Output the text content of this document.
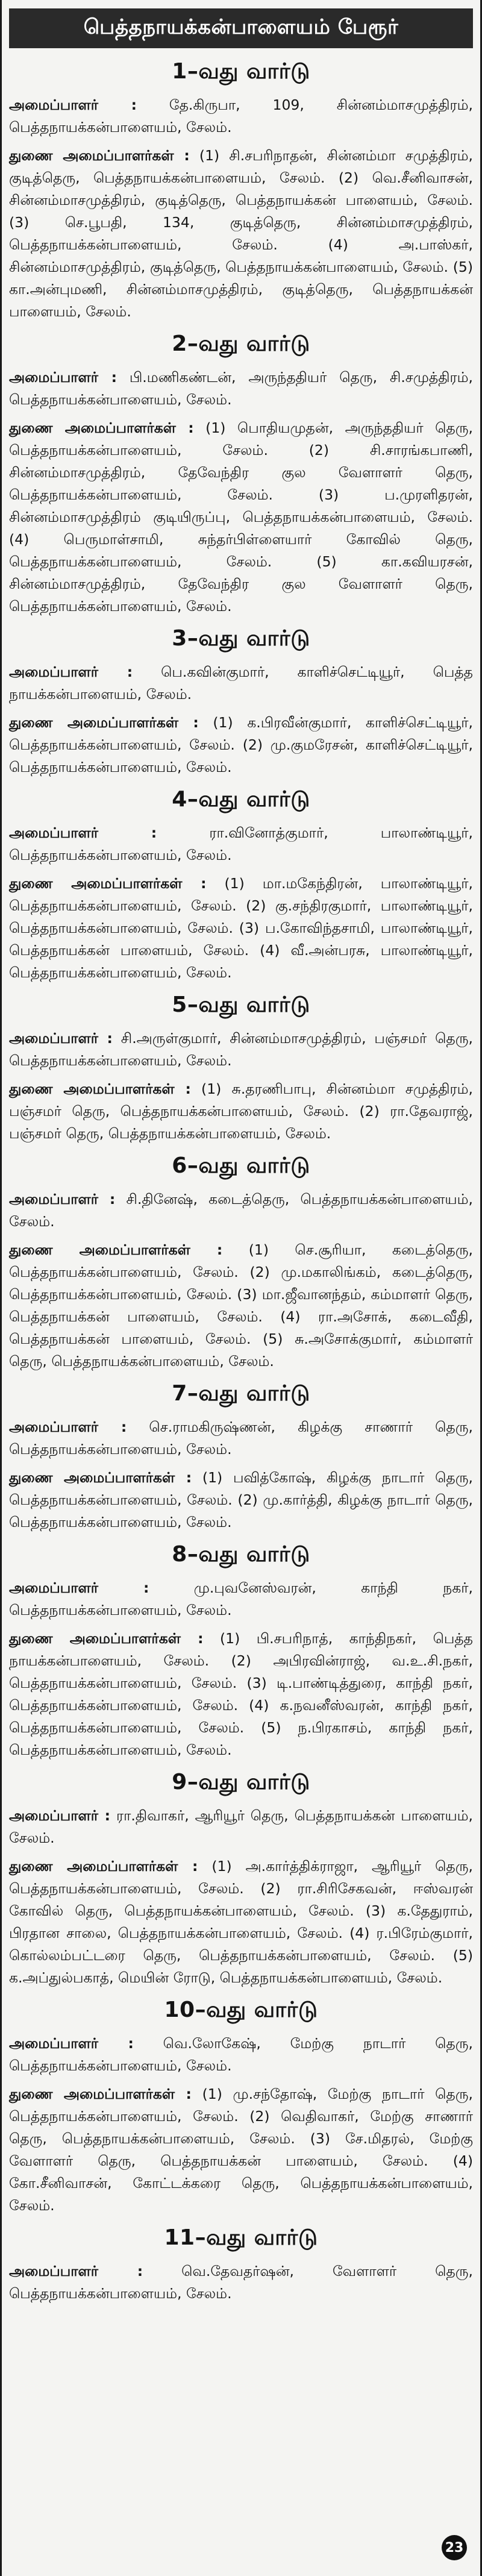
பெத்தநாயக்கன்பாளையம் பேரூர்
1–வது வார்டு

அமைப்பாளர் : தே.கிருபா, 109, சின்னம்மாசமுத்திரம், பெத்தநாயக்கன்பாளையம், சேலம்.

துணை அமைப்பாளர்கள் : (1) சி.சபரிநாதன், சின்னம்மா சமுத்திரம், குடித்தெரு, பெத்தநாயக்கன்பாளையம், சேலம். (2) வெ.சீனிவாசன், சின்னம்மாசமுத்திரம், குடித்தெரு, பெத்தநாயக்கன் பாளையம், சேலம். (3) செ.பூபதி, 134, குடித்தெரு, சின்னம்மாசமுத்திரம், பெத்தநாயக்கன்பாளையம், சேலம். (4) அ.பாஸ்கர், சின்னம்மாசமுத்திரம், குடித்தெரு, பெத்தநாயக்கன்பாளையம், சேலம். (5) கா.அன்புமணி, சின்னம்மாசமுத்திரம், குடித்தெரு, பெத்தநாயக்கன் பாளையம், சேலம்.

2–வது வார்டு

அமைப்பாளர் : பி.மணிகண்டன், அருந்ததியர் தெரு, சி.சமுத்திரம், பெத்தநாயக்கன்பாளையம், சேலம்.

துணை அமைப்பாளர்கள் : (1) பொதியமுதன், அருந்ததியர் தெரு, பெத்தநாயக்கன்பாளையம், சேலம். (2) சி.சாரங்கபாணி, சின்னம்மாசமுத்திரம், தேவேந்திர குல வேளாளர் தெரு, பெத்தநாயக்கன்பாளையம், சேலம். (3) ப.முரளிதரன், சின்னம்மாசமுத்திரம் குடியிருப்பு, பெத்தநாயக்கன்பாளையம், சேலம். (4) பெருமாள்சாமி, சுந்தர்பிள்ளையார் கோவில் தெரு, பெத்தநாயக்கன்பாளையம், சேலம். (5) கா.கவியரசன், சின்னம்மாசமுத்திரம், தேவேந்திர குல வேளாளர் தெரு, பெத்தநாயக்கன்பாளையம், சேலம்.

3–வது வார்டு

அமைப்பாளர் : பெ.கவின்குமார், காளிச்செட்டியூர், பெத்த நாயக்கன்பாளையம், சேலம்.

துணை அமைப்பாளர்கள் : (1) க.பிரவீன்குமார், காளிச்செட்டியூர், பெத்தநாயக்கன்பாளையம், சேலம். (2) மு.குமரேசன், காளிச்செட்டியூர், பெத்தநாயக்கன்பாளையம், சேலம்.

4–வது வார்டு

அமைப்பாளர் :	ரா.வினோத்குமார், பாலாண்டியூர், பெத்தநாயக்கன்பாளையம், சேலம்.

துணை அமைப்பாளர்கள் : (1) மா.மகேந்திரன், பாலாண்டியூர், பெத்தநாயக்கன்பாளையம், சேலம். (2) கு.சந்திரகுமார், பாலாண்டியூர், பெத்தநாயக்கன்பாளையம், சேலம். (3) ப.கோவிந்தசாமி, பாலாண்டியூர், பெத்தநாயக்கன் பாளையம், சேலம். (4) வீ.அன்பரசு, பாலாண்டியூர், பெத்தநாயக்கன்பாளையம், சேலம்.

5–வது வார்டு

அமைப்பாளர் : சி.அருள்குமார், சின்னம்மாசமுத்திரம், பஞ்சமர் தெரு, பெத்தநாயக்கன்பாளையம், சேலம்.

துணை அமைப்பாளர்கள் : (1) சு.தரணிபாபு, சின்னம்மா சமுத்திரம், பஞ்சமர் தெரு, பெத்தநாயக்கன்பாளையம், சேலம். (2) ரா.தேவராஜ், பஞ்சமர் தெரு, பெத்தநாயக்கன்பாளையம், சேலம்.

6–வது வார்டு

அமைப்பாளர் : சி.தினேஷ், கடைத்தெரு, பெத்தநாயக்கன்பாளையம், சேலம்.

துணை அமைப்பாளர்கள் : (1) செ.சூரியா, கடைத்தெரு, பெத்தநாயக்கன்பாளையம், சேலம். (2) மு.மகாலிங்கம், கடைத்தெரு, பெத்தநாயக்கன்பாளையம், சேலம். (3) மா.ஜீவானந்தம், கம்மாளர் தெரு, பெத்தநாயக்கன் பாளையம், சேலம். (4) ரா.அசோக், கடைவீதி, பெத்தநாயக்கன் பாளையம், சேலம். (5) சு.அசோக்குமார், கம்மாளர் தெரு, பெத்தநாயக்கன்பாளையம், சேலம்.

7–வது வார்டு

அமைப்பாளர் : செ.ராமகிருஷ்ணன், கிழக்கு சாணார் தெரு, பெத்தநாயக்கன்பாளையம், சேலம்.

துணை அமைப்பாளர்கள் : (1) பவித்கோஷ், கிழக்கு நாடார் தெரு, பெத்தநாயக்கன்பாளையம், சேலம். (2) மு.கார்த்தி, கிழக்கு நாடார் தெரு, பெத்தநாயக்கன்பாளையம், சேலம்.

8–வது வார்டு

அமைப்பாளர் :	மு.புவனேஸ்வரன், காந்தி நகர், பெத்தநாயக்கன்பாளையம், சேலம்.

துணை அமைப்பாளர்கள் : (1) பி.சபரிநாத், காந்திநகர், பெத்த நாயக்கன்பாளையம், சேலம். (2) அபிரவின்ராஜ், வ.உ.சி.நகர், பெத்தநாயக்கன்பாளையம், சேலம். (3) டி.பாண்டித்துரை, காந்தி நகர், பெத்தநாயக்கன்பாளையம், சேலம். (4) க.நவனீஸ்வரன், காந்தி நகர், பெத்தநாயக்கன்பாளையம், சேலம். (5) ந.பிரகாசம், காந்தி நகர், பெத்தநாயக்கன்பாளையம், சேலம்.

9–வது வார்டு

அமைப்பாளர் : ரா.திவாகர், ஆரியூர் தெரு, பெத்தநாயக்கன் பாளையம், சேலம்.

துணை அமைப்பாளர்கள் : (1) அ.கார்த்திக்ராஜா, ஆரியூர் தெரு, பெத்தநாயக்கன்பாளையம், சேலம். (2) ரா.சிரிசேகவன், ஈஸ்வரன் கோவில் தெரு, பெத்தநாயக்கன்பாளையம், சேலம். (3) க.தேதுராம், பிரதான சாலை, பெத்தநாயக்கன்பாளையம், சேலம். (4) ர.பிரேம்குமார், கொல்லம்பட்டரை தெரு, பெத்தநாயக்கன்பாளையம், சேலம். (5) க.அப்துல்பகாத், மெயின் ரோடு, பெத்தநாயக்கன்பாளையம், சேலம்.

10–வது வார்டு

அமைப்பாளர் : வெ.லோகேஷ், மேற்கு நாடார் தெரு, பெத்தநாயக்கன்பாளையம், சேலம்.

துணை அமைப்பாளர்கள் : (1) மு.சந்தோஷ், மேற்கு நாடார் தெரு, பெத்தநாயக்கன்பாளையம், சேலம். (2) வெதிவாகர், மேற்கு சாணார் தெரு, பெத்தநாயக்கன்பாளையம், சேலம். (3) சே.மிதரல், மேற்கு வேளாளர் தெரு, பெத்தநாயக்கன் பாளையம், சேலம். (4) கோ.சீனிவாசன், கோட்டக்கரை தெரு, பெத்தநாயக்கன்பாளையம், சேலம்.

11–வது வார்டு

அமைப்பாளர் :	வெ.தேவதர்ஷன், வேளாளர் தெரு, பெத்தநாயக்கன்பாளையம், சேலம்.

23
